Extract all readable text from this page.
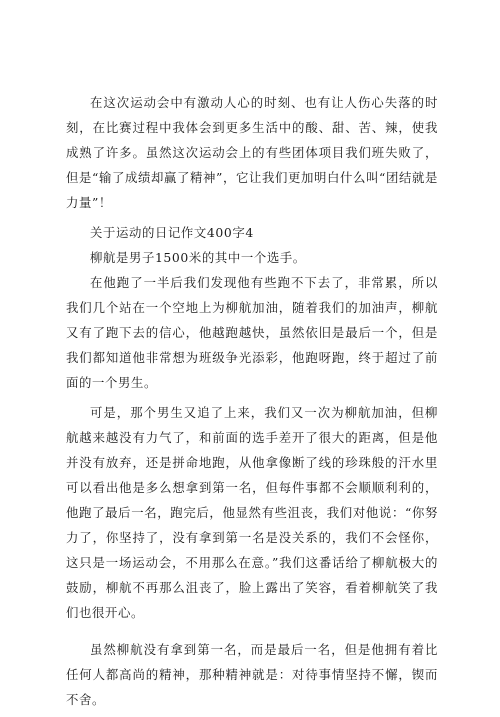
在这次运动会中有激动人心的时刻、也有让人伤心失落的时刻，在比赛过程中我体会到更多生活中的酸、甜、苦、辣，使我成熟了许多。虽然这次运动会上的有些团体项目我们班失败了，但是“输了成绩却赢了精神”，它让我们更加明白什么叫“团结就是力量”！

关于运动的日记作文400字4

柳航是男子1500米的其中一个选手。

在他跑了一半后我们发现他有些跑不下去了，非常累，所以我们几个站在一个空地上为柳航加油，随着我们的加油声，柳航又有了跑下去的信心，他越跑越快，虽然依旧是最后一个，但是我们都知道他非常想为班级争光添彩，他跑呀跑，终于超过了前面的一个男生。

可是，那个男生又追了上来，我们又一次为柳航加油，但柳航越来越没有力气了，和前面的选手差开了很大的距离，但是他并没有放弃，还是拼命地跑，从他拿像断了线的珍珠般的汗水里可以看出他是多么想拿到第一名，但每件事都不会顺顺利利的，他跑了最后一名，跑完后，他显然有些沮丧，我们对他说：“你努力了，你坚持了，没有拿到第一名是没关系的，我们不会怪你，这只是一场运动会，不用那么在意。”我们这番话给了柳航极大的鼓励，柳航不再那么沮丧了，脸上露出了笑容，看着柳航笑了我们也很开心。

虽然柳航没有拿到第一名，而是最后一名，但是他拥有着比任何人都高尚的精神，那种精神就是：对待事情坚持不懈，锲而不舍。
